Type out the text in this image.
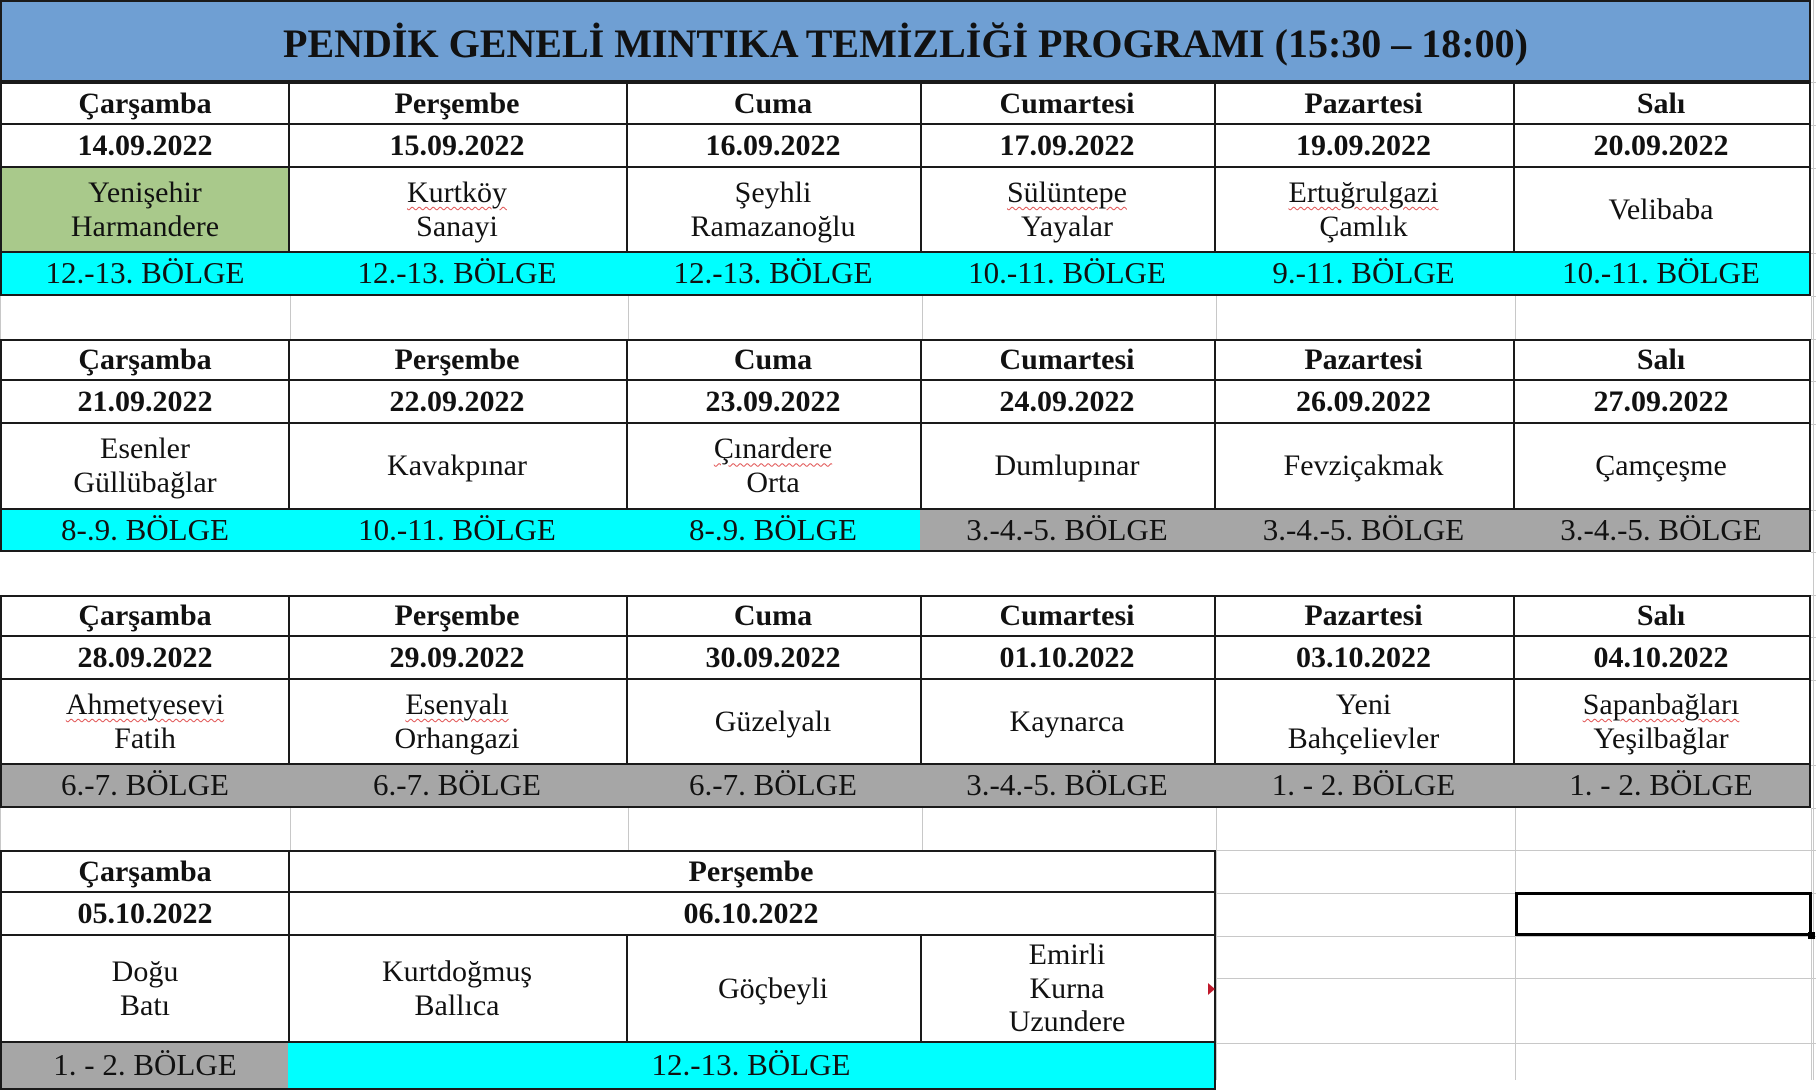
PENDİK GENELİ MINTIKA TEMİZLİĞİ PROGRAMI (15:30 – 18:00)
Çarşamba
14.09.2022
Yenişehir
Harmandere
12.-13. BÖLGE
Perşembe
15.09.2022
Kurtköy
Sanayi
12.-13. BÖLGE
Cuma
16.09.2022
Şeyhli
Ramazanoğlu
12.-13. BÖLGE
Cumartesi
17.09.2022
Sülüntepe
Yayalar
10.-11. BÖLGE
Pazartesi
19.09.2022
Ertuğrulgazi
Çamlık
9.-11. BÖLGE
Salı
20.09.2022
Velibaba
10.-11. BÖLGE
Çarşamba
21.09.2022
Esenler
Güllübağlar
8-.9. BÖLGE
Perşembe
22.09.2022
Kavakpınar
10.-11. BÖLGE
Cuma
23.09.2022
Çınardere
Orta
8-.9. BÖLGE
Cumartesi
24.09.2022
Dumlupınar
3.-4.-5. BÖLGE
Pazartesi
26.09.2022
Fevziçakmak
3.-4.-5. BÖLGE
Salı
27.09.2022
Çamçeşme
3.-4.-5. BÖLGE
Çarşamba
28.09.2022
Ahmetyesevi
Fatih
6.-7. BÖLGE
Perşembe
29.09.2022
Esenyalı
Orhangazi
6.-7. BÖLGE
Cuma
30.09.2022
Güzelyalı
6.-7. BÖLGE
Cumartesi
01.10.2022
Kaynarca
3.-4.-5. BÖLGE
Pazartesi
03.10.2022
Yeni
Bahçelievler
1. - 2. BÖLGE
Salı
04.10.2022
Sapanbağları
Yeşilbağlar
1. - 2. BÖLGE
Çarşamba
05.10.2022
Doğu
Batı
1. - 2. BÖLGE
Perşembe
06.10.2022
Kurtdoğmuş
Ballıca
Göçbeyli
Emirli
Kurna
Uzundere
12.-13. BÖLGE
